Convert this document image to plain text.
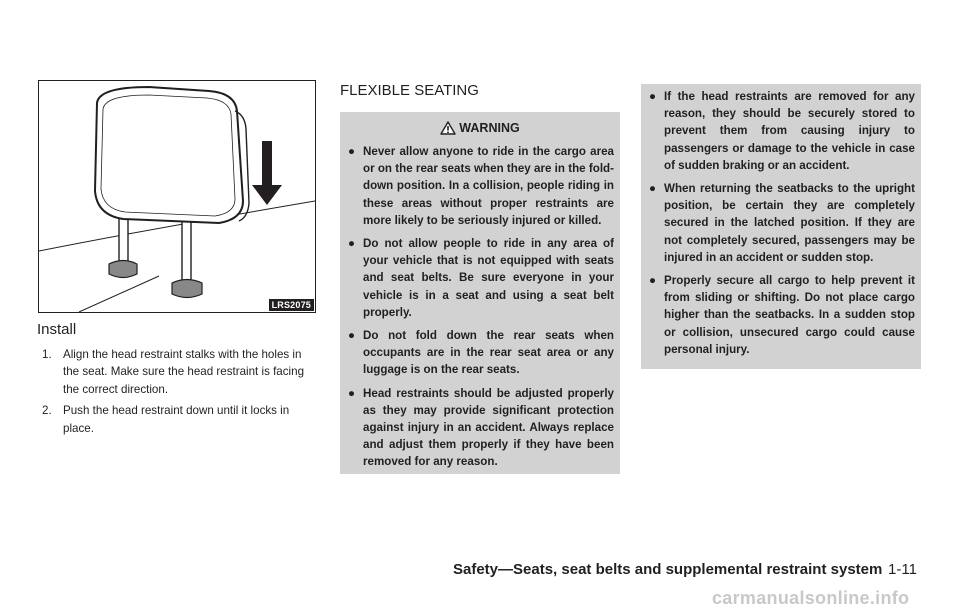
LRS2075
Install
1. Align the head restraint stalks with the holes in the seat. Make sure the head restraint is facing the correct direction.
2. Push the head restraint down until it locks in place.
FLEXIBLE SEATING
WARNING
● Never allow anyone to ride in the cargo area or on the rear seats when they are in the fold-down position. In a collision, people riding in these areas without proper restraints are more likely to be seriously injured or killed.
● Do not allow people to ride in any area of your vehicle that is not equipped with seats and seat belts. Be sure everyone in your vehicle is in a seat and using a seat belt properly.
● Do not fold down the rear seats when occupants are in the rear seat area or any luggage is on the rear seats.
● Head restraints should be adjusted properly as they may provide significant protection against injury in an accident. Always replace and adjust them properly if they have been removed for any reason.
● If the head restraints are removed for any reason, they should be securely stored to prevent them from causing injury to passengers or damage to the vehicle in case of sudden braking or an accident.
● When returning the seatbacks to the upright position, be certain they are completely secured in the latched position. If they are not completely secured, passengers may be injured in an accident or sudden stop.
● Properly secure all cargo to help prevent it from sliding or shifting. Do not place cargo higher than the seatbacks. In a sudden stop or collision, unsecured cargo could cause personal injury.
Safety—Seats, seat belts and supplemental restraint system 1-11
carmanualsonline.info
